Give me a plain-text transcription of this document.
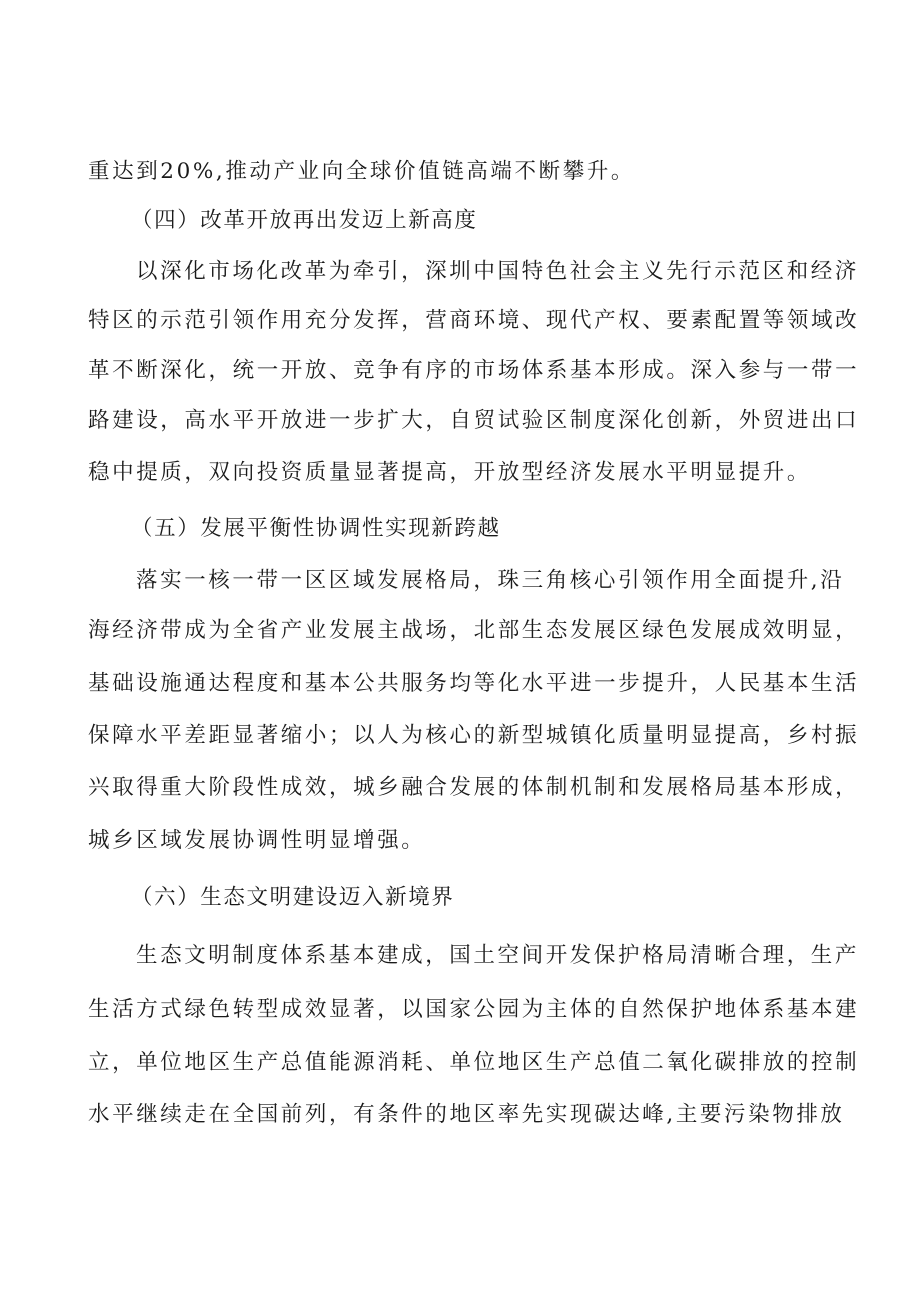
重达到20%,推动产业向全球价值链高端不断攀升。
（四）改革开放再出发迈上新高度
以深化市场化改革为牵引，深圳中国特色社会主义先行示范区和经济
特区的示范引领作用充分发挥，营商环境、现代产权、要素配置等领域改
革不断深化，统一开放、竞争有序的市场体系基本形成。深入参与一带一
路建设，高水平开放进一步扩大，自贸试验区制度深化创新，外贸进出口
稳中提质，双向投资质量显著提高，开放型经济发展水平明显提升。
（五）发展平衡性协调性实现新跨越
落实一核一带一区区域发展格局，珠三角核心引领作用全面提升,沿
海经济带成为全省产业发展主战场，北部生态发展区绿色发展成效明显，
基础设施通达程度和基本公共服务均等化水平进一步提升，人民基本生活
保障水平差距显著缩小；以人为核心的新型城镇化质量明显提高，乡村振
兴取得重大阶段性成效，城乡融合发展的体制机制和发展格局基本形成，
城乡区域发展协调性明显增强。
（六）生态文明建设迈入新境界
生态文明制度体系基本建成，国土空间开发保护格局清晰合理，生产
生活方式绿色转型成效显著，以国家公园为主体的自然保护地体系基本建
立，单位地区生产总值能源消耗、单位地区生产总值二氧化碳排放的控制
水平继续走在全国前列，有条件的地区率先实现碳达峰,主要污染物排放
